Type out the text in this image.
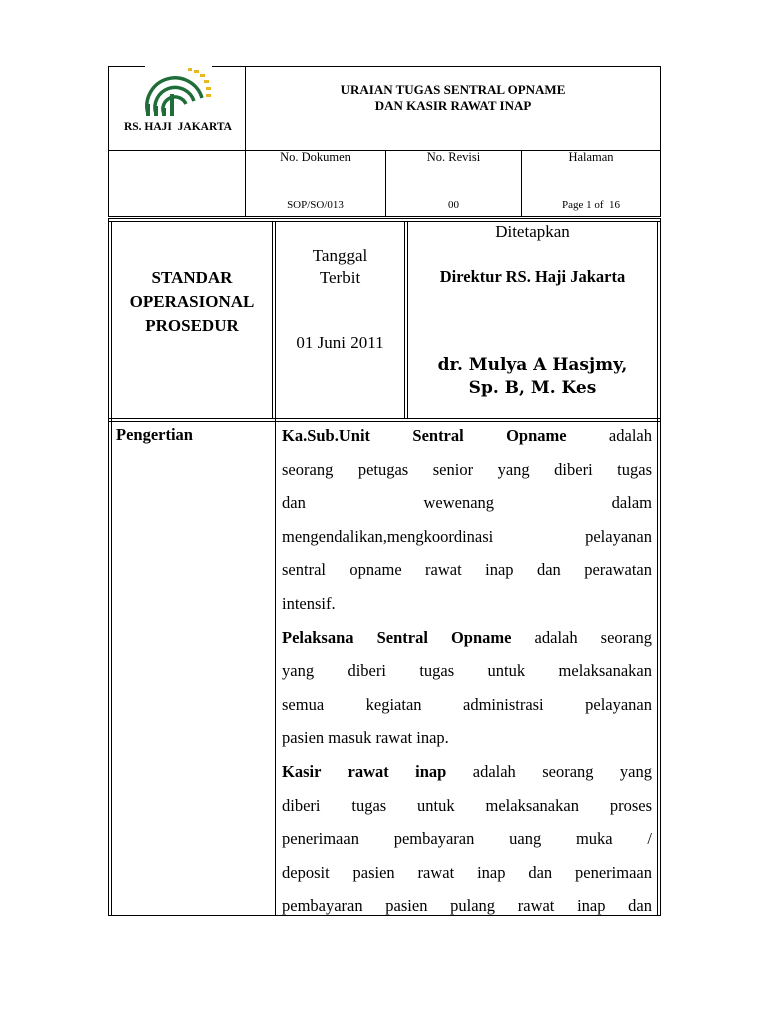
RS. HAJI  JAKARTA
URAIAN TUGAS SENTRAL OPNAME
DAN KASIR RAWAT INAP
No. Dokumen
SOP/SO/013
No. Revisi
00
Halaman
Page 1 of  16
STANDAR
OPERASIONAL
PROSEDUR
Tanggal
Terbit
01 Juni 2011
Ditetapkan
Direktur RS. Haji Jakarta
dr. Mulya A Hasjmy,
Sp. B, M. Kes
Pengertian	Ka.Sub.Unit Sentral Opname adalah
seorang petugas senior yang diberi tugas
dan wewenang dalam
mengendalikan,mengkoordinasi pelayanan
sentral opname rawat inap dan perawatan
intensif.
Pelaksana Sentral Opname adalah seorang
yang diberi tugas untuk melaksanakan
semua kegiatan administrasi pelayanan
pasien masuk rawat inap.
Kasir rawat inap adalah seorang yang
diberi tugas untuk melaksanakan proses
penerimaan pembayaran uang muka /
deposit pasien rawat inap dan penerimaan
pembayaran pasien pulang rawat inap dan
